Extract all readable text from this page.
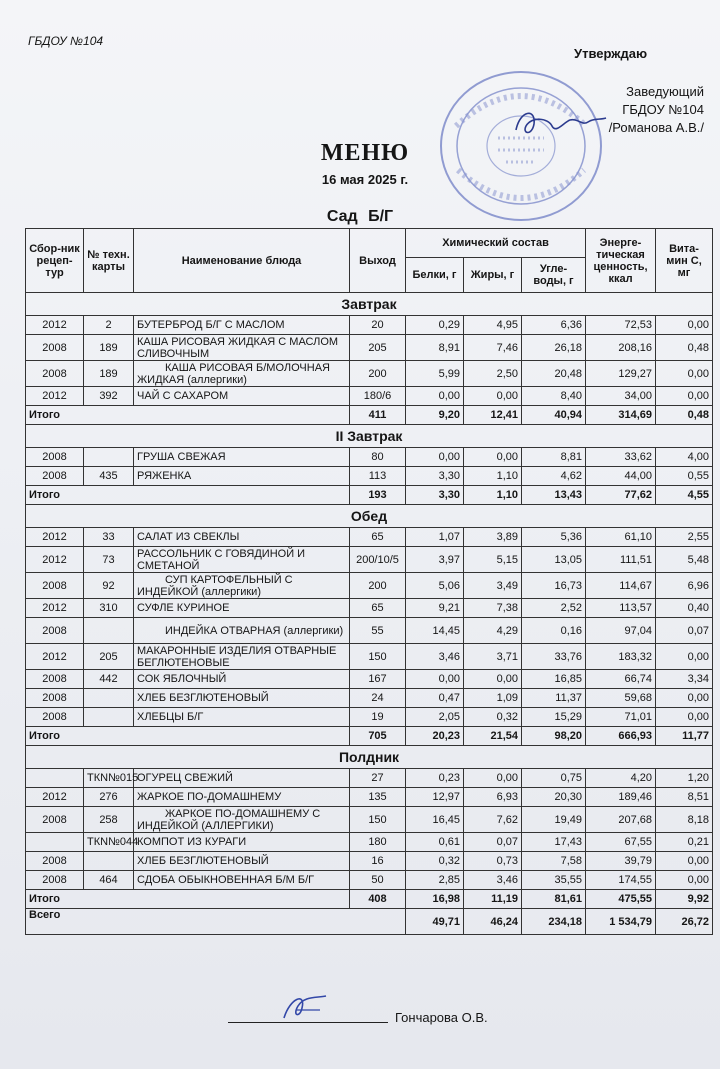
ГБДОУ №104
Утверждаю
Заведующий
ГБДОУ №104
/Романова А.В./
МЕНЮ
16 мая 2025 г.
Сад Б/Г
Сбор-ник рецеп-тур	№ техн. карты	Наименование блюда	Выход	Химический состав			Энерге-тическая ценность, ккал	Вита-мин С, мг
				Белки, г	Жиры, г	Угле-воды, г		
Завтрак								
2012	2	БУТЕРБРОД Б/Г С МАСЛОМ	20	0,29	4,95	6,36	72,53	0,00
2008	189	КАША РИСОВАЯ ЖИДКАЯ С МАСЛОМ СЛИВОЧНЫМ	205	8,91	7,46	26,18	208,16	0,48
2008	189	КАША РИСОВАЯ Б/МОЛОЧНАЯ ЖИДКАЯ (аллергики)	200	5,99	2,50	20,48	129,27	0,00
2012	392	ЧАЙ С САХАРОМ	180/6	0,00	0,00	8,40	34,00	0,00
Итого			411	9,20	12,41	40,94	314,69	0,48
II Завтрак								
2008		ГРУША СВЕЖАЯ	80	0,00	0,00	8,81	33,62	4,00
2008	435	РЯЖЕНКА	113	3,30	1,10	4,62	44,00	0,55
Итого			193	3,30	1,10	13,43	77,62	4,55
Обед								
2012	33	САЛАТ ИЗ СВЕКЛЫ	65	1,07	3,89	5,36	61,10	2,55
2012	73	РАССОЛЬНИК С ГОВЯДИНОЙ И СМЕТАНОЙ	200/10/5	3,97	5,15	13,05	111,51	5,48
2008	92	СУП КАРТОФЕЛЬНЫЙ С ИНДЕЙКОЙ (аллергики)	200	5,06	3,49	16,73	114,67	6,96
2012	310	СУФЛЕ КУРИНОЕ	65	9,21	7,38	2,52	113,57	0,40
2008		ИНДЕЙКА ОТВАРНАЯ (аллергики)	55	14,45	4,29	0,16	97,04	0,07
2012	205	МАКАРОННЫЕ ИЗДЕЛИЯ ОТВАРНЫЕ БЕГЛЮТЕНОВЫЕ	150	3,46	3,71	33,76	183,32	0,00
2008	442	СОК ЯБЛОЧНЫЙ	167	0,00	0,00	16,85	66,74	3,34
2008		ХЛЕБ БЕЗГЛЮТЕНОВЫЙ	24	0,47	1,09	11,37	59,68	0,00
2008		ХЛЕБЦЫ Б/Г	19	2,05	0,32	15,29	71,01	0,00
Итого			705	20,23	21,54	98,20	666,93	11,77
Полдник								
	ТКN№015	ОГУРЕЦ СВЕЖИЙ	27	0,23	0,00	0,75	4,20	1,20
2012	276	ЖАРКОЕ ПО-ДОМАШНЕМУ	135	12,97	6,93	20,30	189,46	8,51
2008	258	ЖАРКОЕ ПО-ДОМАШНЕМУ С ИНДЕЙКОЙ (АЛЛЕРГИКИ)	150	16,45	7,62	19,49	207,68	8,18
	ТКN№044	КОМПОТ ИЗ КУРАГИ	180	0,61	0,07	17,43	67,55	0,21
2008		ХЛЕБ БЕЗГЛЮТЕНОВЫЙ	16	0,32	0,73	7,58	39,79	0,00
2008	464	СДОБА ОБЫКНОВЕННАЯ Б/М Б/Г	50	2,85	3,46	35,55	174,55	0,00
Итого			408	16,98	11,19	81,61	475,55	9,92
Всего				49,71	46,24	234,18	1 534,79	26,72
Гончарова О.В.
